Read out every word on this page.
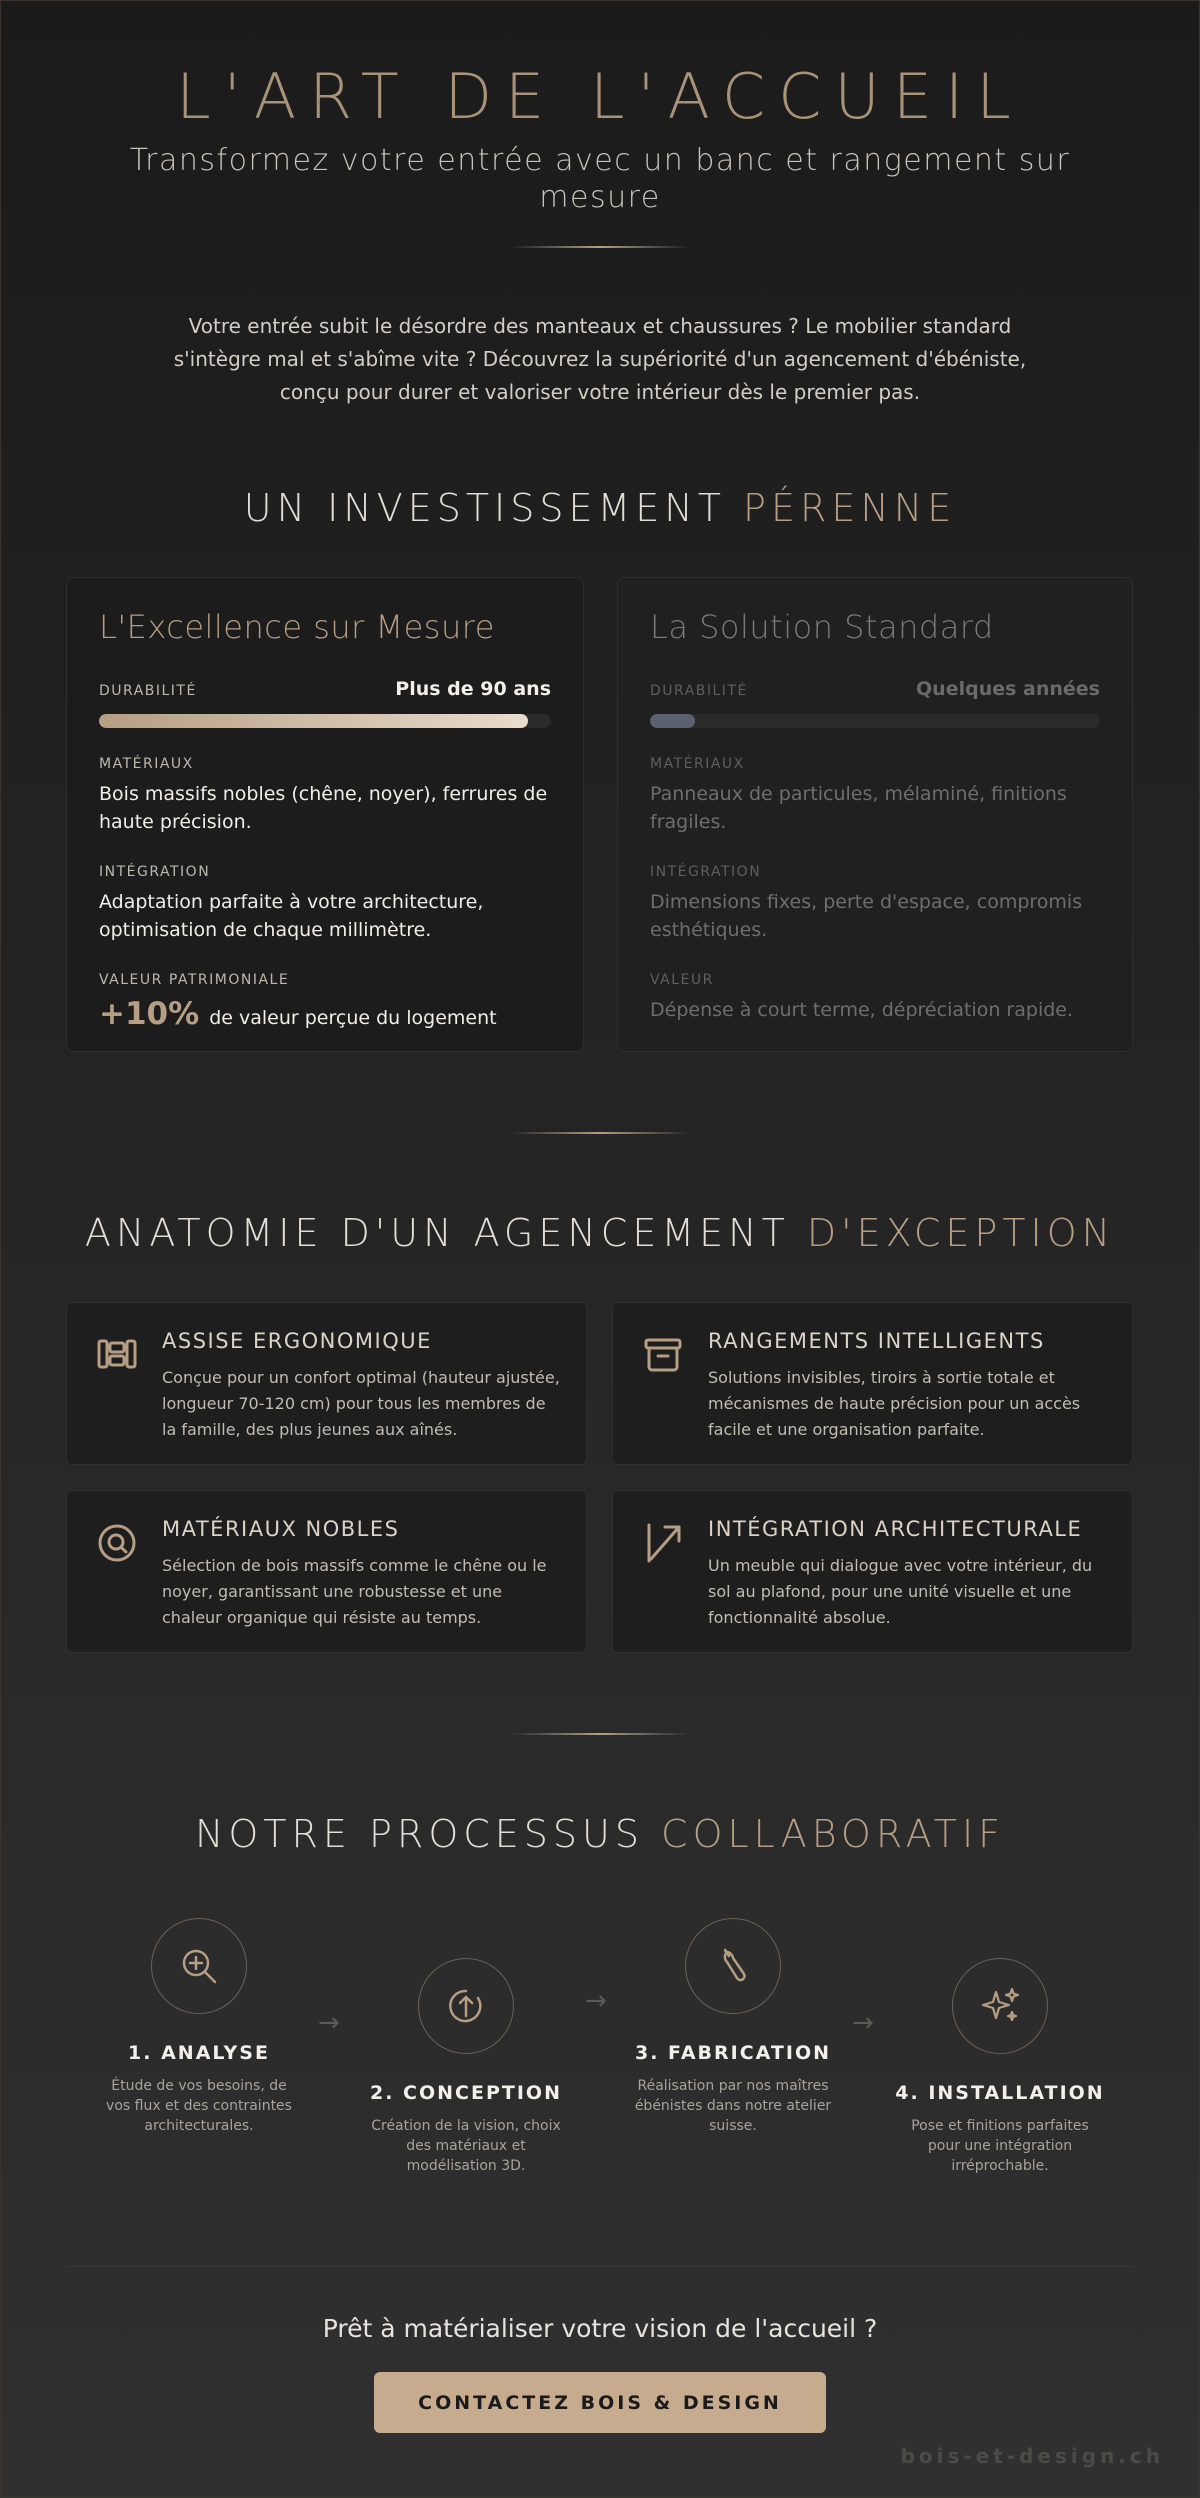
L'ART DE L'ACCUEIL

Transformez votre entrée avec un banc et rangement sur mesure

Votre entrée subit le désordre des manteaux et chaussures ? Le mobilier standard s'intègre mal et s'abîme vite ? Découvrez la supériorité d'un agencement d'ébéniste, conçu pour durer et valoriser votre intérieur dès le premier pas.

UN INVESTISSEMENT PÉRENNE
L'Excellence sur Mesure
DURABILITÉ	Plus de 90 ans
MATÉRIAUX
Bois massifs nobles (chêne, noyer), ferrures de haute précision.
INTÉGRATION
Adaptation parfaite à votre architecture, optimisation de chaque millimètre.
VALEUR PATRIMONIALE
+10% de valeur perçue du logement
La Solution Standard
DURABILITÉ	Quelques années
MATÉRIAUX
Panneaux de particules, mélaminé, finitions fragiles.
INTÉGRATION
Dimensions fixes, perte d'espace, compromis esthétiques.
VALEUR
Dépense à court terme, dépréciation rapide.
ANATOMIE D'UN AGENCEMENT D'EXCEPTION
ASSISE ERGONOMIQUE
Conçue pour un confort optimal (hauteur ajustée, longueur 70-120 cm) pour tous les membres de la famille, des plus jeunes aux aînés.
RANGEMENTS INTELLIGENTS
Solutions invisibles, tiroirs à sortie totale et mécanismes de haute précision pour un accès facile et une organisation parfaite.
MATÉRIAUX NOBLES
Sélection de bois massifs comme le chêne ou le noyer, garantissant une robustesse et une chaleur organique qui résiste au temps.
INTÉGRATION ARCHITECTURALE
Un meuble qui dialogue avec votre intérieur, du sol au plafond, pour une unité visuelle et une fonctionnalité absolue.
NOTRE PROCESSUS COLLABORATIF
1. ANALYSE
Étude de vos besoins, de vos flux et des contraintes architecturales.
→
2. CONCEPTION
Création de la vision, choix des matériaux et modélisation 3D.
→
3. FABRICATION
Réalisation par nos maîtres ébénistes dans notre atelier suisse.
→
4. INSTALLATION
Pose et finitions parfaites pour une intégration irréprochable.

Prêt à matérialiser votre vision de l'accueil ?

CONTACTEZ BOIS & DESIGN
bois-et-design.ch
